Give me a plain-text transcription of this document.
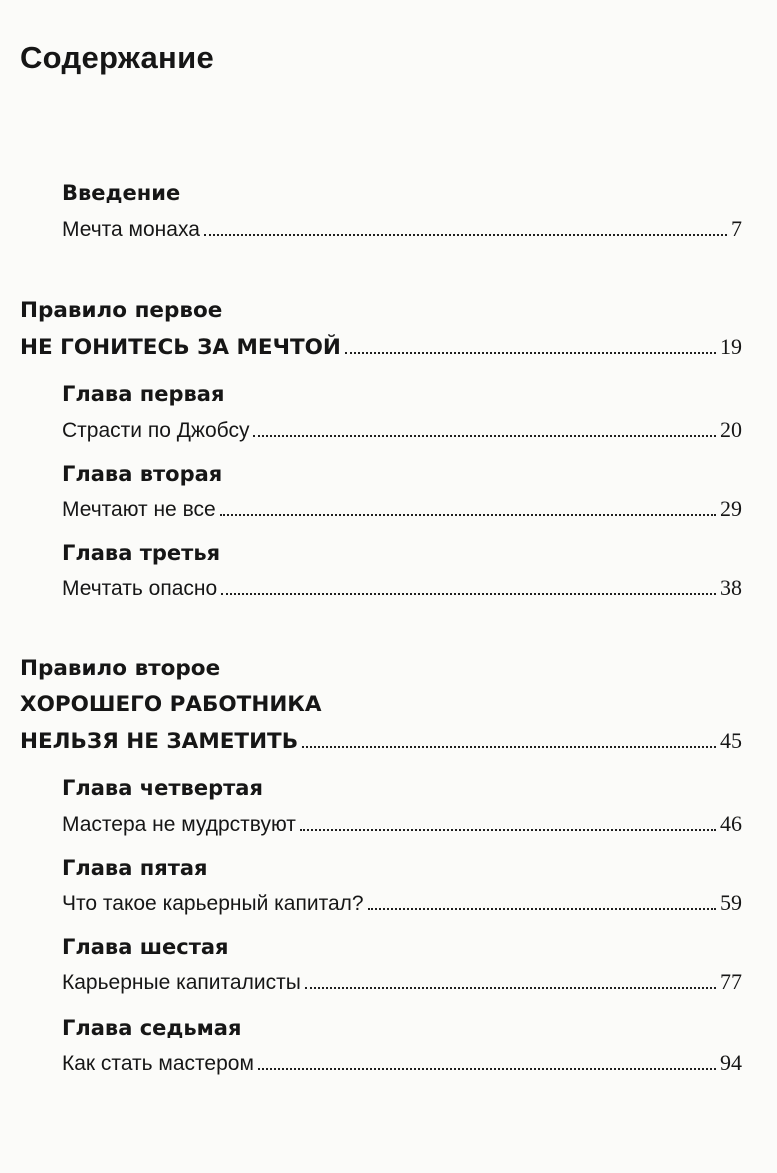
Содержание
Введение
Мечта монаха	7
Правило первое
НЕ ГОНИТЕСЬ ЗА МЕЧТОЙ	19
Глава первая
Страсти по Джобсу	20
Глава вторая
Мечтают не все	29
Глава третья
Мечтать опасно	38
Правило второе
ХОРОШЕГО РАБОТНИКА
НЕЛЬЗЯ НЕ ЗАМЕТИТЬ	45
Глава четвертая
Мастера не мудрствуют	46
Глава пятая
Что такое карьерный капитал?	59
Глава шестая
Карьерные капиталисты	77
Глава седьмая
Как стать мастером	94
